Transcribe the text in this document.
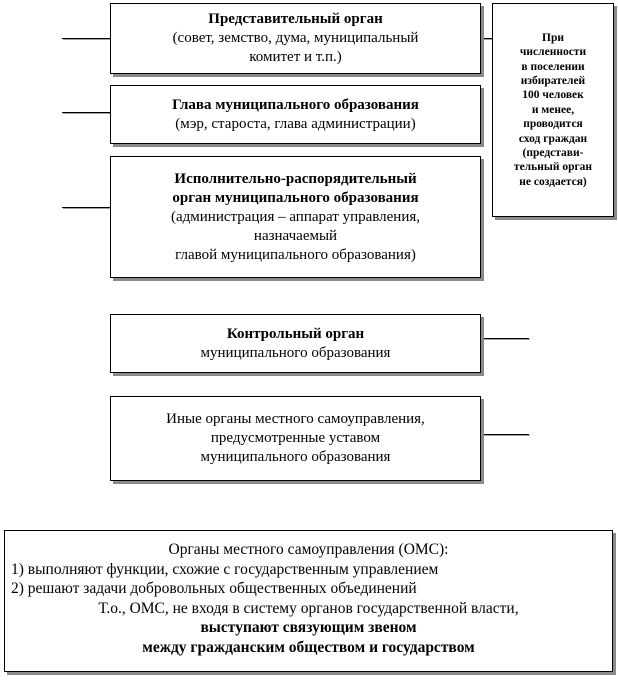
Представительный орган
(совет, земство, дума, муниципальный
комитет и т.п.)
Глава муниципального образования
(мэр, староста, глава администрации)
Исполнительно-распорядительный
орган муниципального образования
(администрация – аппарат управления,
назначаемый
главой муниципального образования)
При
численности
в поселении
избирателей
100 человек
и менее,
проводится
сход граждан
(представи-
тельный орган
не создается)
Контрольный орган
муниципального образования
Иные органы местного самоуправления,
предусмотренные уставом
муниципального образования
Органы местного самоуправления (ОМС):
1) выполняют функции, схожие с государственным управлением
2) решают задачи добровольных общественных объединений
Т.о., ОМС, не входя в систему органов государственной власти,
выступают связующим звеном
между гражданским обществом и государством
